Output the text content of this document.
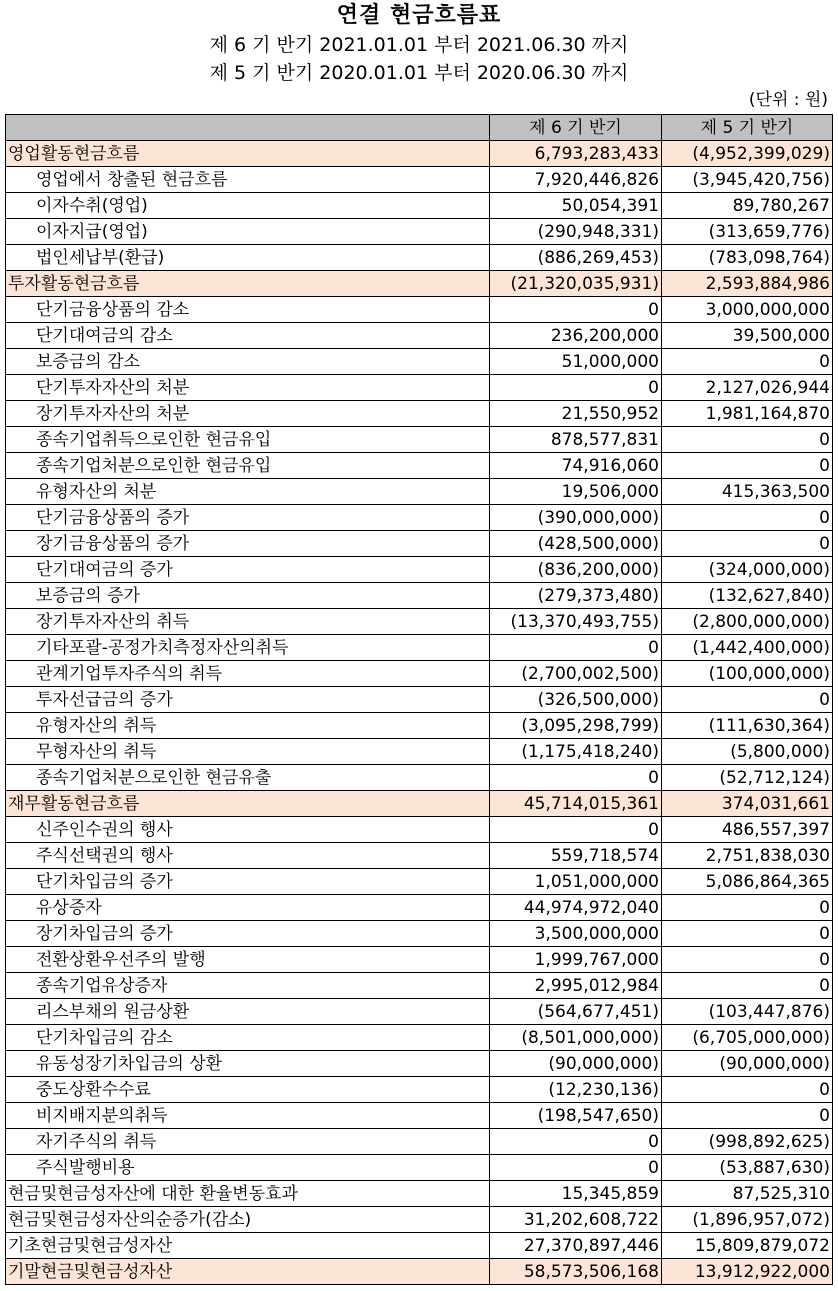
연결 현금흐름표
제 6 기 반기 2021.01.01 부터 2021.06.30 까지
제 5 기 반기 2020.01.01 부터 2020.06.30 까지
(단위 : 원)
	제 6 기 반기	제 5 기 반기
영업활동현금흐름	6,793,283,433	(4,952,399,029)
영업에서 창출된 현금흐름	7,920,446,826	(3,945,420,756)
이자수취(영업)	50,054,391	89,780,267
이자지급(영업)	(290,948,331)	(313,659,776)
법인세납부(환급)	(886,269,453)	(783,098,764)
투자활동현금흐름	(21,320,035,931)	2,593,884,986
단기금융상품의 감소	0	3,000,000,000
단기대여금의 감소	236,200,000	39,500,000
보증금의 감소	51,000,000	0
단기투자자산의 처분	0	2,127,026,944
장기투자자산의 처분	21,550,952	1,981,164,870
종속기업취득으로인한 현금유입	878,577,831	0
종속기업처분으로인한 현금유입	74,916,060	0
유형자산의 처분	19,506,000	415,363,500
단기금융상품의 증가	(390,000,000)	0
장기금융상품의 증가	(428,500,000)	0
단기대여금의 증가	(836,200,000)	(324,000,000)
보증금의 증가	(279,373,480)	(132,627,840)
장기투자자산의 취득	(13,370,493,755)	(2,800,000,000)
기타포괄-공정가치측정자산의취득	0	(1,442,400,000)
관계기업투자주식의 취득	(2,700,002,500)	(100,000,000)
투자선급금의 증가	(326,500,000)	0
유형자산의 취득	(3,095,298,799)	(111,630,364)
무형자산의 취득	(1,175,418,240)	(5,800,000)
종속기업처분으로인한 현금유출	0	(52,712,124)
재무활동현금흐름	45,714,015,361	374,031,661
신주인수권의 행사	0	486,557,397
주식선택권의 행사	559,718,574	2,751,838,030
단기차입금의 증가	1,051,000,000	5,086,864,365
유상증자	44,974,972,040	0
장기차입금의 증가	3,500,000,000	0
전환상환우선주의 발행	1,999,767,000	0
종속기업유상증자	2,995,012,984	0
리스부채의 원금상환	(564,677,451)	(103,447,876)
단기차입금의 감소	(8,501,000,000)	(6,705,000,000)
유동성장기차입금의 상환	(90,000,000)	(90,000,000)
중도상환수수료	(12,230,136)	0
비지배지분의취득	(198,547,650)	0
자기주식의 취득	0	(998,892,625)
주식발행비용	0	(53,887,630)
현금및현금성자산에 대한 환율변동효과	15,345,859	87,525,310
현금및현금성자산의순증가(감소)	31,202,608,722	(1,896,957,072)
기초현금및현금성자산	27,370,897,446	15,809,879,072
기말현금및현금성자산	58,573,506,168	13,912,922,000
